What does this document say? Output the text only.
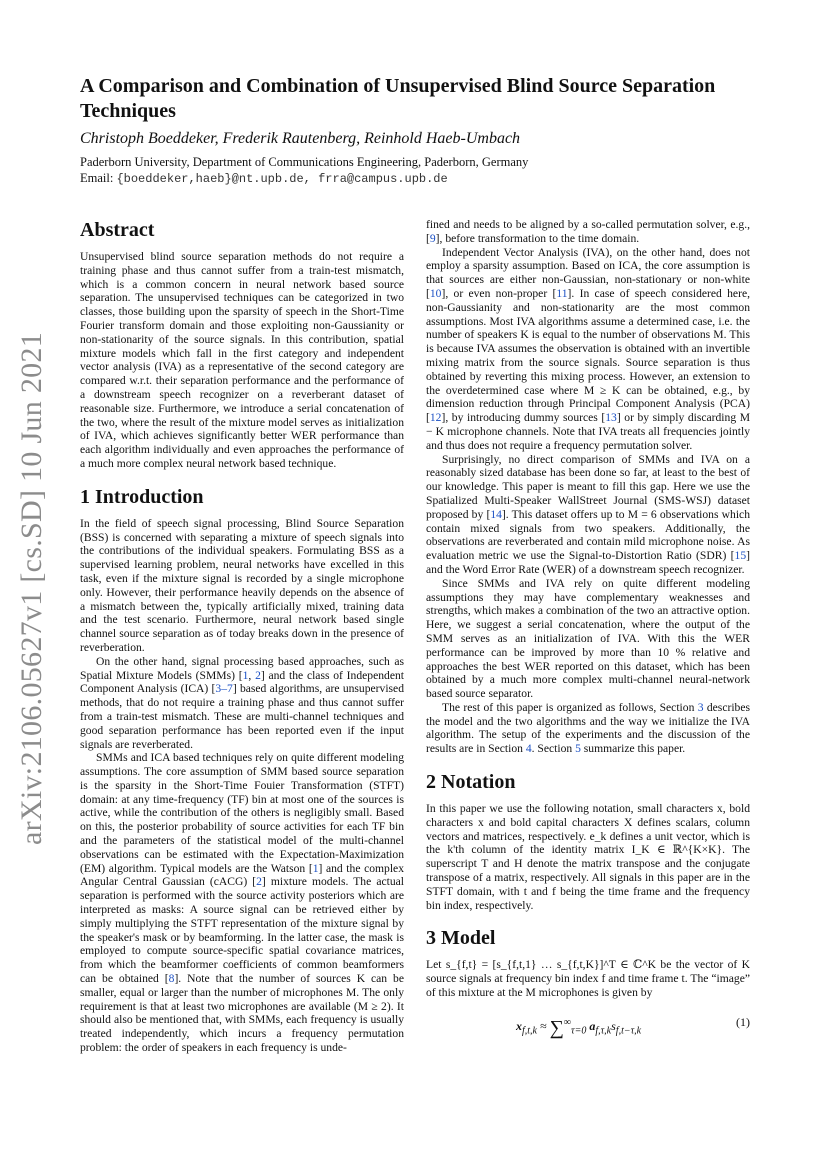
arXiv:2106.05627v1 [cs.SD] 10 Jun 2021
A Comparison and Combination of Unsupervised Blind Source Separation Techniques
Christoph Boeddeker, Frederik Rautenberg, Reinhold Haeb-Umbach
Paderborn University, Department of Communications Engineering, Paderborn, Germany
Email: {boeddeker,haeb}@nt.upb.de, frra@campus.upb.de
Abstract

Unsupervised blind source separation methods do not require a training phase and thus cannot suffer from a train-test mismatch, which is a common concern in neural network based source separation. The unsupervised techniques can be categorized in two classes, those building upon the sparsity of speech in the Short-Time Fourier transform domain and those exploiting non-Gaussianity or non-stationarity of the source signals. In this contribution, spatial mixture models which fall in the first category and independent vector analysis (IVA) as a representative of the second category are compared w.r.t. their separation performance and the performance of a downstream speech recognizer on a reverberant dataset of reasonable size. Furthermore, we introduce a serial concatenation of the two, where the result of the mixture model serves as initialization of IVA, which achieves significantly better WER performance than each algorithm individually and even approaches the performance of a much more complex neural network based technique.

1 Introduction

In the field of speech signal processing, Blind Source Separation (BSS) is concerned with separating a mixture of speech signals into the contributions of the individual speakers. Formulating BSS as a supervised learning problem, neural networks have excelled in this task, even if the mixture signal is recorded by a single microphone only. However, their performance heavily depends on the absence of a mismatch between the, typically artificially mixed, training data and the test scenario. Furthermore, neural network based single channel source separation as of today breaks down in the presence of reverberation.

On the other hand, signal processing based approaches, such as Spatial Mixture Models (SMMs) [1, 2] and the class of Independent Component Analysis (ICA) [3–7] based algorithms, are unsupervised methods, that do not require a training phase and thus cannot suffer from a train-test mismatch. These are multi-channel techniques and good separation performance has been reported even if the input signals are reverberated.

SMMs and ICA based techniques rely on quite different modeling assumptions. The core assumption of SMM based source separation is the sparsity in the Short-Time Fouier Transformation (STFT) domain: at any time-frequency (TF) bin at most one of the sources is active, while the contribution of the others is negligibly small. Based on this, the posterior probability of source activities for each TF bin and the parameters of the statistical model of the multi-channel observations can be estimated with the Expectation-Maximization (EM) algorithm. Typical models are the Watson [1] and the complex Angular Central Gaussian (cACG) [2] mixture models. The actual separation is performed with the source activity posteriors which are interpreted as masks: A source signal can be retrieved either by simply multiplying the STFT representation of the mixture signal by the speaker's mask or by beamforming. In the latter case, the mask is employed to compute source-specific spatial covariance matrices, from which the beamformer coefficients of common beamformers can be obtained [8]. Note that the number of sources K can be smaller, equal or larger than the number of microphones M. The only requirement is that at least two microphones are available (M ≥ 2). It should also be mentioned that, with SMMs, each frequency is usually treated independently, which incurs a frequency permutation problem: the order of speakers in each frequency is unde-

fined and needs to be aligned by a so-called permutation solver, e.g., [9], before transformation to the time domain.

Independent Vector Analysis (IVA), on the other hand, does not employ a sparsity assumption. Based on ICA, the core assumption is that sources are either non-Gaussian, non-stationary or non-white [10], or even non-proper [11]. In case of speech considered here, non-Gaussianity and non-stationarity are the most common assumptions. Most IVA algorithms assume a determined case, i.e. the number of speakers K is equal to the number of observations M. This is because IVA assumes the observation is obtained with an invertible mixing matrix from the source signals. Source separation is thus obtained by reverting this mixing process. However, an extension to the overdetermined case where M ≥ K can be obtained, e.g., by dimension reduction through Principal Component Analysis (PCA) [12], by introducing dummy sources [13] or by simply discarding M − K microphone channels. Note that IVA treats all frequencies jointly and thus does not require a frequency permutation solver.

Surprisingly, no direct comparison of SMMs and IVA on a reasonably sized database has been done so far, at least to the best of our knowledge. This paper is meant to fill this gap. Here we use the Spatialized Multi-Speaker WallStreet Journal (SMS-WSJ) dataset proposed by [14]. This dataset offers up to M = 6 observations which contain mixed signals from two speakers. Additionally, the observations are reverberated and contain mild microphone noise. As evaluation metric we use the Signal-to-Distortion Ratio (SDR) [15] and the Word Error Rate (WER) of a downstream speech recognizer.

Since SMMs and IVA rely on quite different modeling assumptions they may have complementary weaknesses and strengths, which makes a combination of the two an attractive option. Here, we suggest a serial concatenation, where the output of the SMM serves as an initialization of IVA. With this the WER performance can be improved by more than 10 % relative and approaches the best WER reported on this dataset, which has been obtained by a much more complex multi-channel neural-network based source separator.

The rest of this paper is organized as follows, Section 3 describes the model and the two algorithms and the way we initialize the IVA algorithm. The setup of the experiments and the discussion of the results are in Section 4. Section 5 summarize this paper.

2 Notation

In this paper we use the following notation, small characters x, bold characters x and bold capital characters X defines scalars, column vectors and matrices, respectively. e_k defines a unit vector, which is the k'th column of the identity matrix I_K ∈ ℝ^{K×K}. The superscript T and H denote the matrix transpose and the conjugate transpose of a matrix, respectively. All signals in this paper are in the STFT domain, with t and f being the time frame and the frequency bin index, respectively.

3 Model

Let s_{f,t} = [s_{f,t,1} … s_{f,t,K}]^T ∈ ℂ^K be the vector of K source signals at frequency bin index f and time frame t. The “image” of this mixture at the M microphones is given by

$x_{f,t,k} \approx \sum^\infty_{\tau=0}$ $a_{f,\tau,k}s_{f,t-\tau,k}$
(1)
